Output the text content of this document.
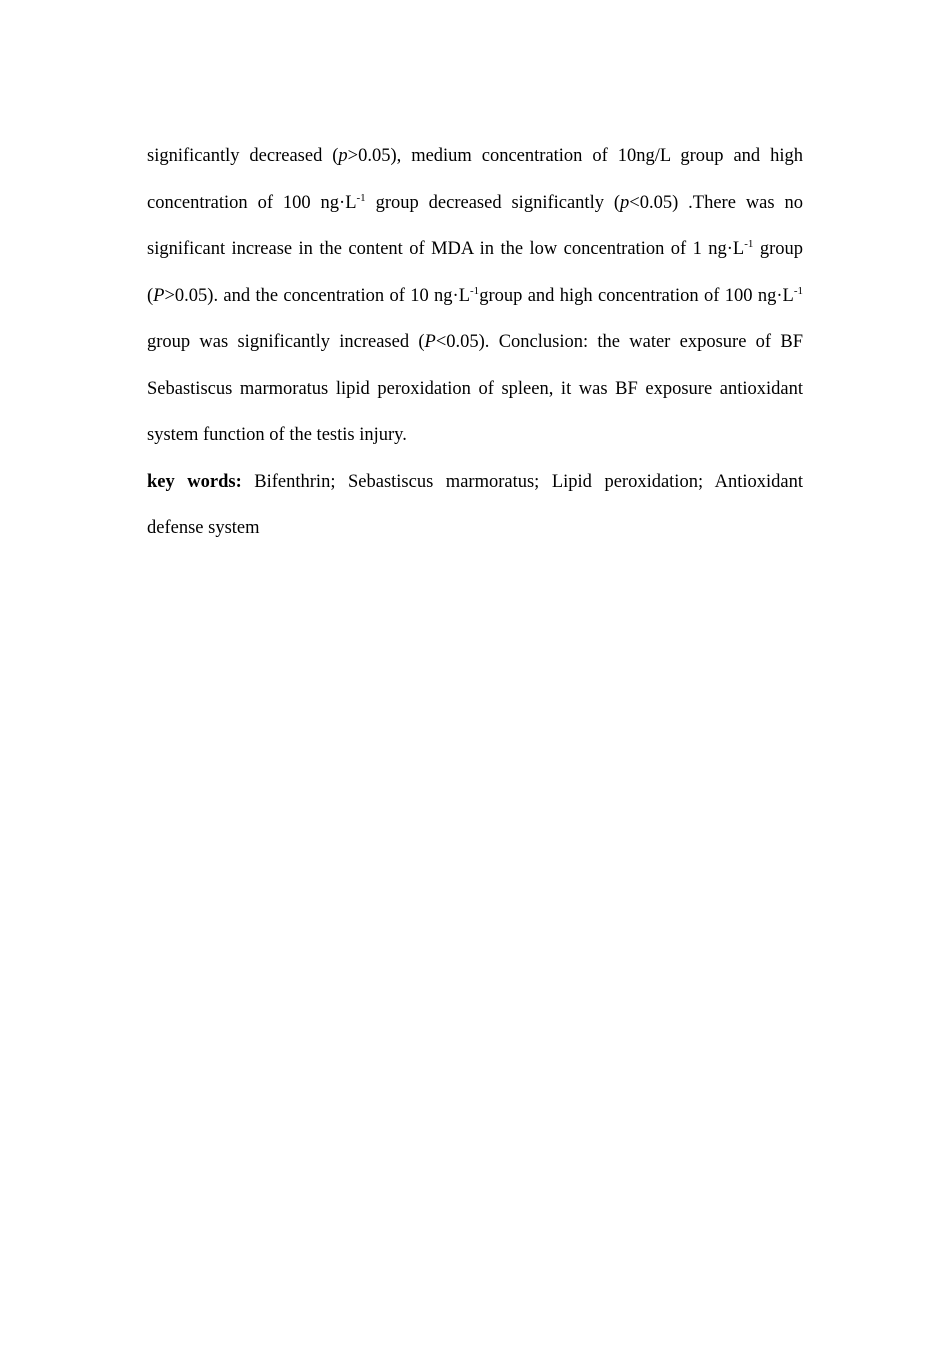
significantly decreased (p>0.05), medium concentration of 10ng/L group and high concentration of 100 $ng\cdot L^{-1}$ group decreased significantly (p<0.05) .There was no significant increase in the content of MDA in the low concentration of 1 $ng\cdot L^{-1}$ group (P>0.05). and the concentration of 10 $ng\cdot L^{-1}group$ and high concentration of 100 $ng\cdot L^{-1}$ group was significantly increased (P<0.05). Conclusion: the water exposure of BF Sebastiscus marmoratus lipid peroxidation of spleen, it was BF exposure antioxidant system function of the testis injury.

key words: Bifenthrin; Sebastiscus marmoratus; Lipid peroxidation; Antioxidant defense system
